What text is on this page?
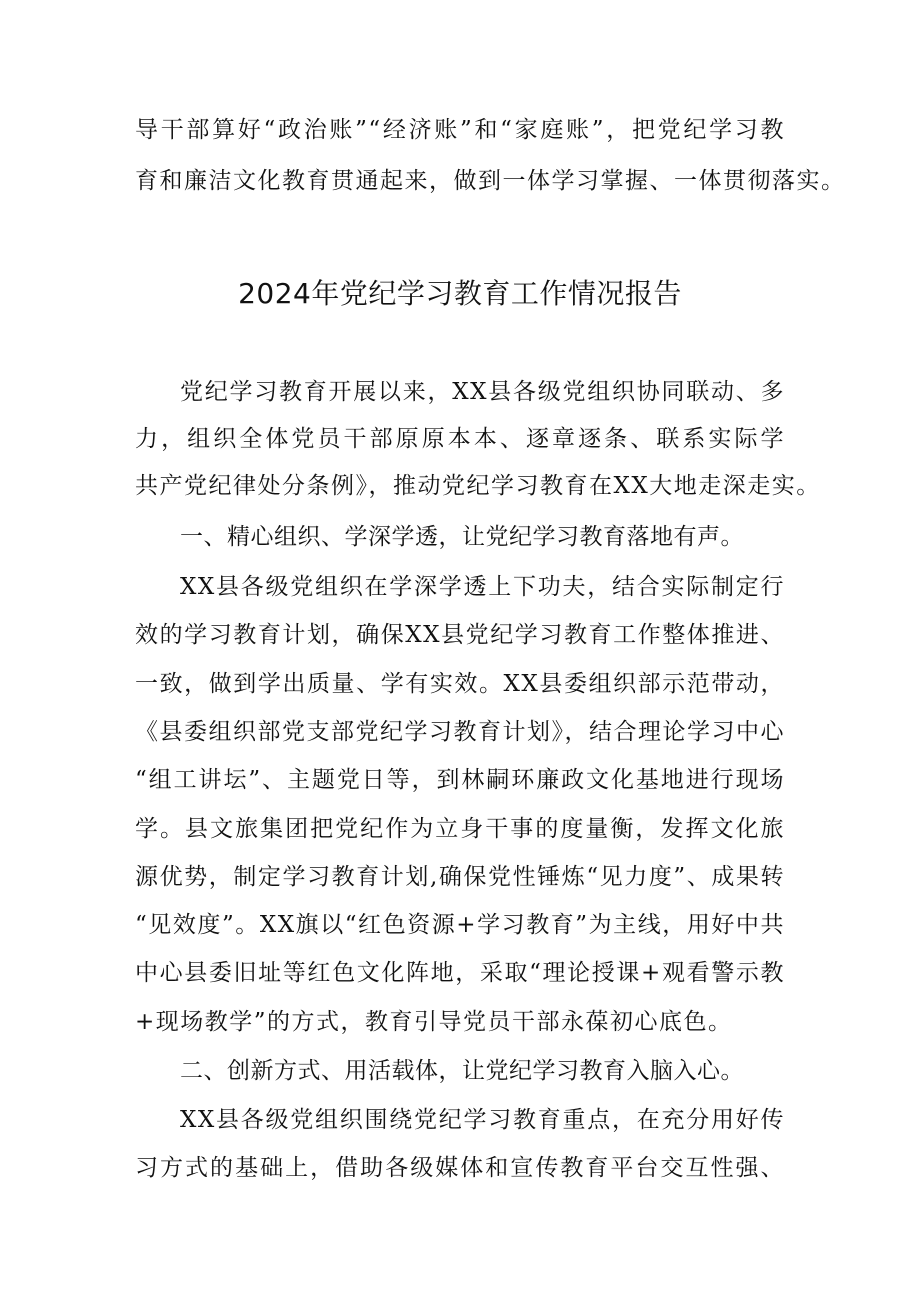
导干部算好“政治账”“经济账”和“家庭账”，把党纪学习教
育和廉洁文化教育贯通起来，做到一体学习掌握、一体贯彻落实。
2024年党纪学习教育工作情况报告
党纪学习教育开展以来，XX县各级党组织协同联动、多
力，组织全体党员干部原原本本、逐章逐条、联系实际学
共产党纪律处分条例》，推动党纪学习教育在XX大地走深走实。
一、精心组织、学深学透，让党纪学习教育落地有声。
XX县各级党组织在学深学透上下功夫，结合实际制定行
效的学习教育计划，确保XX县党纪学习教育工作整体推进、
一致，做到学出质量、学有实效。XX县委组织部示范带动，
《县委组织部党支部党纪学习教育计划》，结合理论学习中心
“组工讲坛”、主题党日等，到林嗣环廉政文化基地进行现场
学。县文旅集团把党纪作为立身干事的度量衡，发挥文化旅
源优势，制定学习教育计划,确保党性锤炼“见力度”、成果转
“见效度”。XX旗以“红色资源+学习教育”为主线，用好中共
中心县委旧址等红色文化阵地，采取“理论授课+观看警示教
+现场教学”的方式，教育引导党员干部永葆初心底色。
二、创新方式、用活载体，让党纪学习教育入脑入心。
XX县各级党组织围绕党纪学习教育重点，在充分用好传
习方式的基础上，借助各级媒体和宣传教育平台交互性强、
